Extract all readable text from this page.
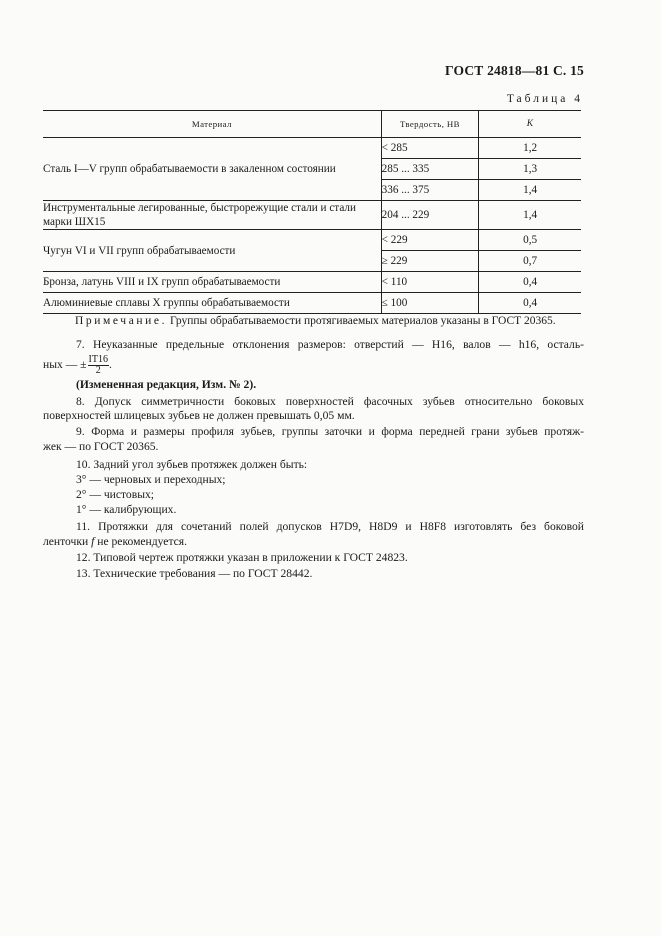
ГОСТ 24818—81 С. 15
Таблица 4
Материал	Твердость, НВ	K
Сталь I—V групп обрабатываемости в закаленном состоянии	< 285	1,2
	285 ... 335	1,3
	336 ... 375	1,4
Инструментальные легированные, быстрорежущие стали и стали марки ШХ15	204 ... 229	1,4
Чугун VI и VII групп обрабатываемости	< 229	0,5
	≥ 229	0,7
Бронза, латунь VIII и IX групп обрабатываемости	< 110	0,4
Алюминиевые сплавы X группы обрабатываемости	≤ 100	0,4
Примечание. Группы обрабатываемости протягиваемых материалов указаны в ГОСТ 20365.
7. Неуказанные предельные отклонения размеров: отверстий — H16, валов — h16, осталь-
ных — ± $\frac{IT16}{2}$ .
(Измененная редакция, Изм. № 2).
8. Допуск симметричности боковых поверхностей фасочных зубьев относительно боковых
поверхностей шлицевых зубьев не должен превышать 0,05 мм.
9. Форма и размеры профиля зубьев, группы заточки и форма передней грани зубьев протяж-
жек — по ГОСТ 20365.
10. Задний угол зубьев протяжек должен быть:
3° — черновых и переходных;
2° — чистовых;
1° — калибрующих.
11. Протяжки для сочетаний полей допусков H7D9, H8D9 и H8F8 изготовлять без боковой
ленточки f не рекомендуется.
12. Типовой чертеж протяжки указан в приложении к ГОСТ 24823.
13. Технические требования — по ГОСТ 28442.
